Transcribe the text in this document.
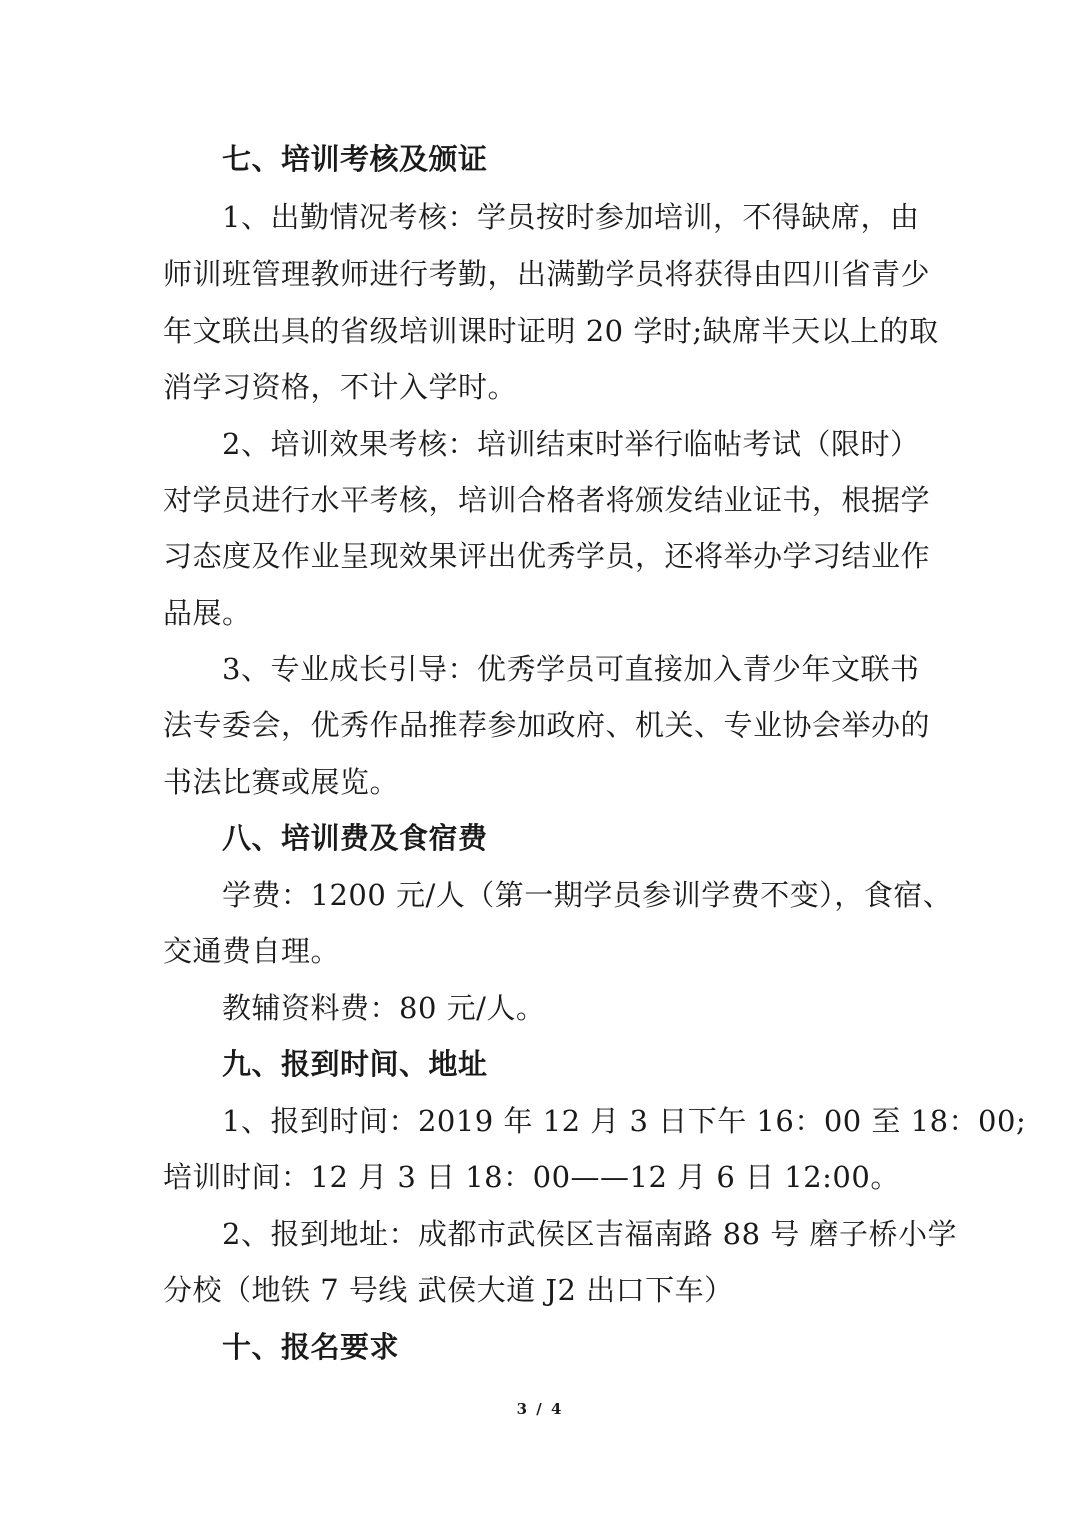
七、培训考核及颁证
1、出勤情况考核：学员按时参加培训，不得缺席，由
师训班管理教师进行考勤，出满勤学员将获得由四川省青少
年文联出具的省级培训课时证明 20 学时;缺席半天以上的取
消学习资格，不计入学时。
2、培训效果考核：培训结束时举行临帖考试（限时）
对学员进行水平考核，培训合格者将颁发结业证书，根据学
习态度及作业呈现效果评出优秀学员，还将举办学习结业作
品展。
3、专业成长引导：优秀学员可直接加入青少年文联书
法专委会，优秀作品推荐参加政府、机关、专业协会举办的
书法比赛或展览。
八、培训费及食宿费
学费：1200 元/人（第一期学员参训学费不变），食宿、
交通费自理。
教辅资料费：80 元/人。
九、报到时间、地址
1、报到时间：2019 年 12 月 3 日下午 16：00 至 18：00;
培训时间：12 月 3 日 18：00——12 月 6 日 12:00。
2、报到地址：成都市武侯区吉福南路 88 号 磨子桥小学
分校（地铁 7 号线 武侯大道 J2 出口下车）
十、报名要求
3 / 4
